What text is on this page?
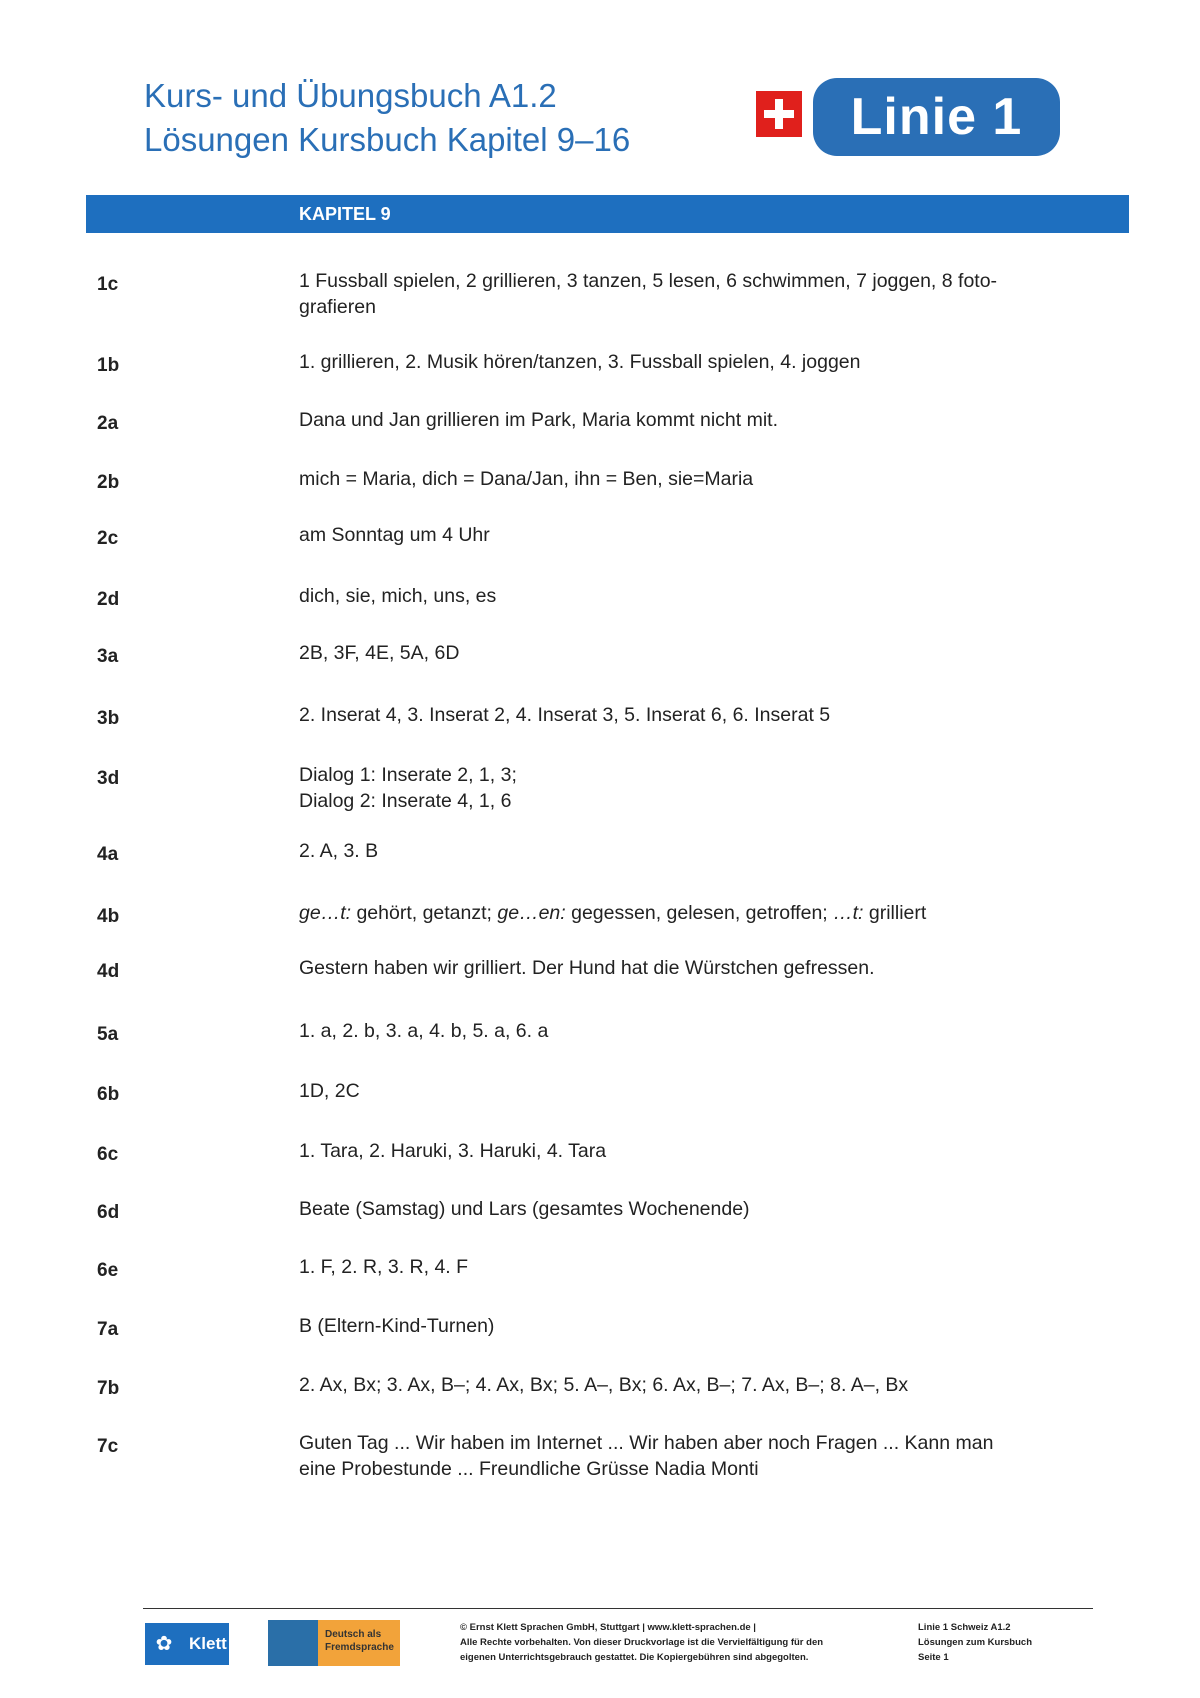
Kurs- und Übungsbuch A1.2
Lösungen Kursbuch Kapitel 9–16	Linie 1
KAPITEL 9
1c	1 Fussball spielen, 2 grillieren, 3 tanzen, 5 lesen, 6 schwimmen, 7 joggen, 8 foto-
grafieren
1b	1. grillieren, 2. Musik hören/tanzen, 3. Fussball spielen, 4. joggen
2a	Dana und Jan grillieren im Park, Maria kommt nicht mit.
2b	mich = Maria, dich = Dana/Jan, ihn = Ben, sie=Maria
2c	am Sonntag um 4 Uhr
2d	dich, sie, mich, uns, es
3a	2B, 3F, 4E, 5A, 6D
3b	2. Inserat 4, 3. Inserat 2, 4. Inserat 3, 5. Inserat 6, 6. Inserat 5
3d	Dialog 1: Inserate 2, 1, 3;
Dialog 2: Inserate 4, 1, 6
4a	2. A, 3. B
4b	ge…t: gehört, getanzt; ge…en: gegessen, gelesen, getroffen; …t: grilliert
4d	Gestern haben wir grilliert. Der Hund hat die Würstchen gefressen.
5a	1. a, 2. b, 3. a, 4. b, 5. a, 6. a
6b	1D, 2C
6c	1. Tara, 2. Haruki, 3. Haruki, 4. Tara
6d	Beate (Samstag) und Lars (gesamtes Wochenende)
6e	1. F, 2. R, 3. R, 4. F
7a	B (Eltern-Kind-Turnen)
7b	2. Ax, Bx; 3. Ax, B–; 4. Ax, Bx; 5. A–, Bx; 6. Ax, B–; 7. Ax, B–; 8. A–, Bx
7c	Guten Tag ... Wir haben im Internet ... Wir haben aber noch Fragen ... Kann man
eine Probestunde ... Freundliche Grüsse Nadia Monti
✿ Klett	Deutsch als Fremdsprache
© Ernst Klett Sprachen GmbH, Stuttgart | www.klett-sprachen.de |
Alle Rechte vorbehalten. Von dieser Druckvorlage ist die Vervielfältigung für den
eigenen Unterrichtsgebrauch gestattet. Die Kopiergebühren sind abgegolten.
Linie 1 Schweiz A1.2
Lösungen zum Kursbuch
Seite 1
